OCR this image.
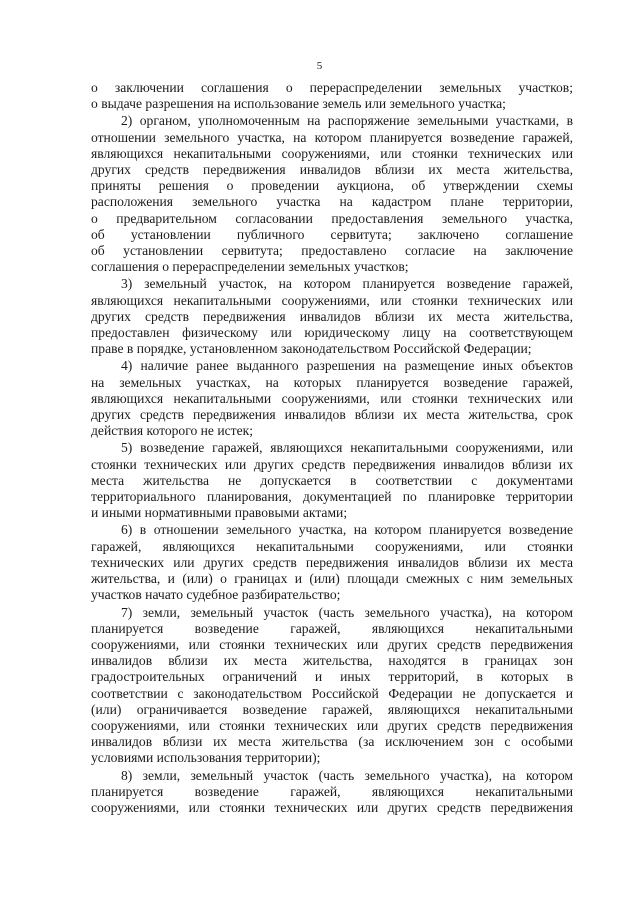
5

о заключении соглашения о перераспределении земельных участков;
о выдаче разрешения на использование земель или земельного участка;

2) органом, уполномоченным на распоряжение земельными участками, в
отношении земельного участка, на котором планируется возведение гаражей,
являющихся некапитальными сооружениями, или стоянки технических или
других средств передвижения инвалидов вблизи их места жительства,
приняты решения о проведении аукциона, об утверждении схемы
расположения земельного участка на кадастром плане территории,
о предварительном согласовании предоставления земельного участка,
об установлении публичного сервитута; заключено соглашение
об установлении сервитута; предоставлено согласие на заключение
соглашения о перераспределении земельных участков;

3) земельный участок, на котором планируется возведение гаражей,
являющихся некапитальными сооружениями, или стоянки технических или
других средств передвижения инвалидов вблизи их места жительства,
предоставлен физическому или юридическому лицу на соответствующем
праве в порядке, установленном законодательством Российской Федерации;

4) наличие ранее выданного разрешения на размещение иных объектов
на земельных участках, на которых планируется возведение гаражей,
являющихся некапитальными сооружениями, или стоянки технических или
других средств передвижения инвалидов вблизи их места жительства, срок
действия которого не истек;

5) возведение гаражей, являющихся некапитальными сооружениями, или
стоянки технических или других средств передвижения инвалидов вблизи их
места жительства не допускается в соответствии с документами
территориального планирования, документацией по планировке территории
и иными нормативными правовыми актами;

6) в отношении земельного участка, на котором планируется возведение
гаражей, являющихся некапитальными сооружениями, или стоянки
технических или других средств передвижения инвалидов вблизи их места
жительства, и (или) о границах и (или) площади смежных с ним земельных
участков начато судебное разбирательство;

7) земли, земельный участок (часть земельного участка), на котором
планируется возведение гаражей, являющихся некапитальными
сооружениями, или стоянки технических или других средств передвижения
инвалидов вблизи их места жительства, находятся в границах зон
градостроительных ограничений и иных территорий, в которых в
соответствии с законодательством Российской Федерации не допускается и
(или) ограничивается возведение гаражей, являющихся некапитальными
сооружениями, или стоянки технических или других средств передвижения
инвалидов вблизи их места жительства (за исключением зон с особыми
условиями использования территории);

8) земли, земельный участок (часть земельного участка), на котором
планируется возведение гаражей, являющихся некапитальными
сооружениями, или стоянки технических или других средств передвижения
